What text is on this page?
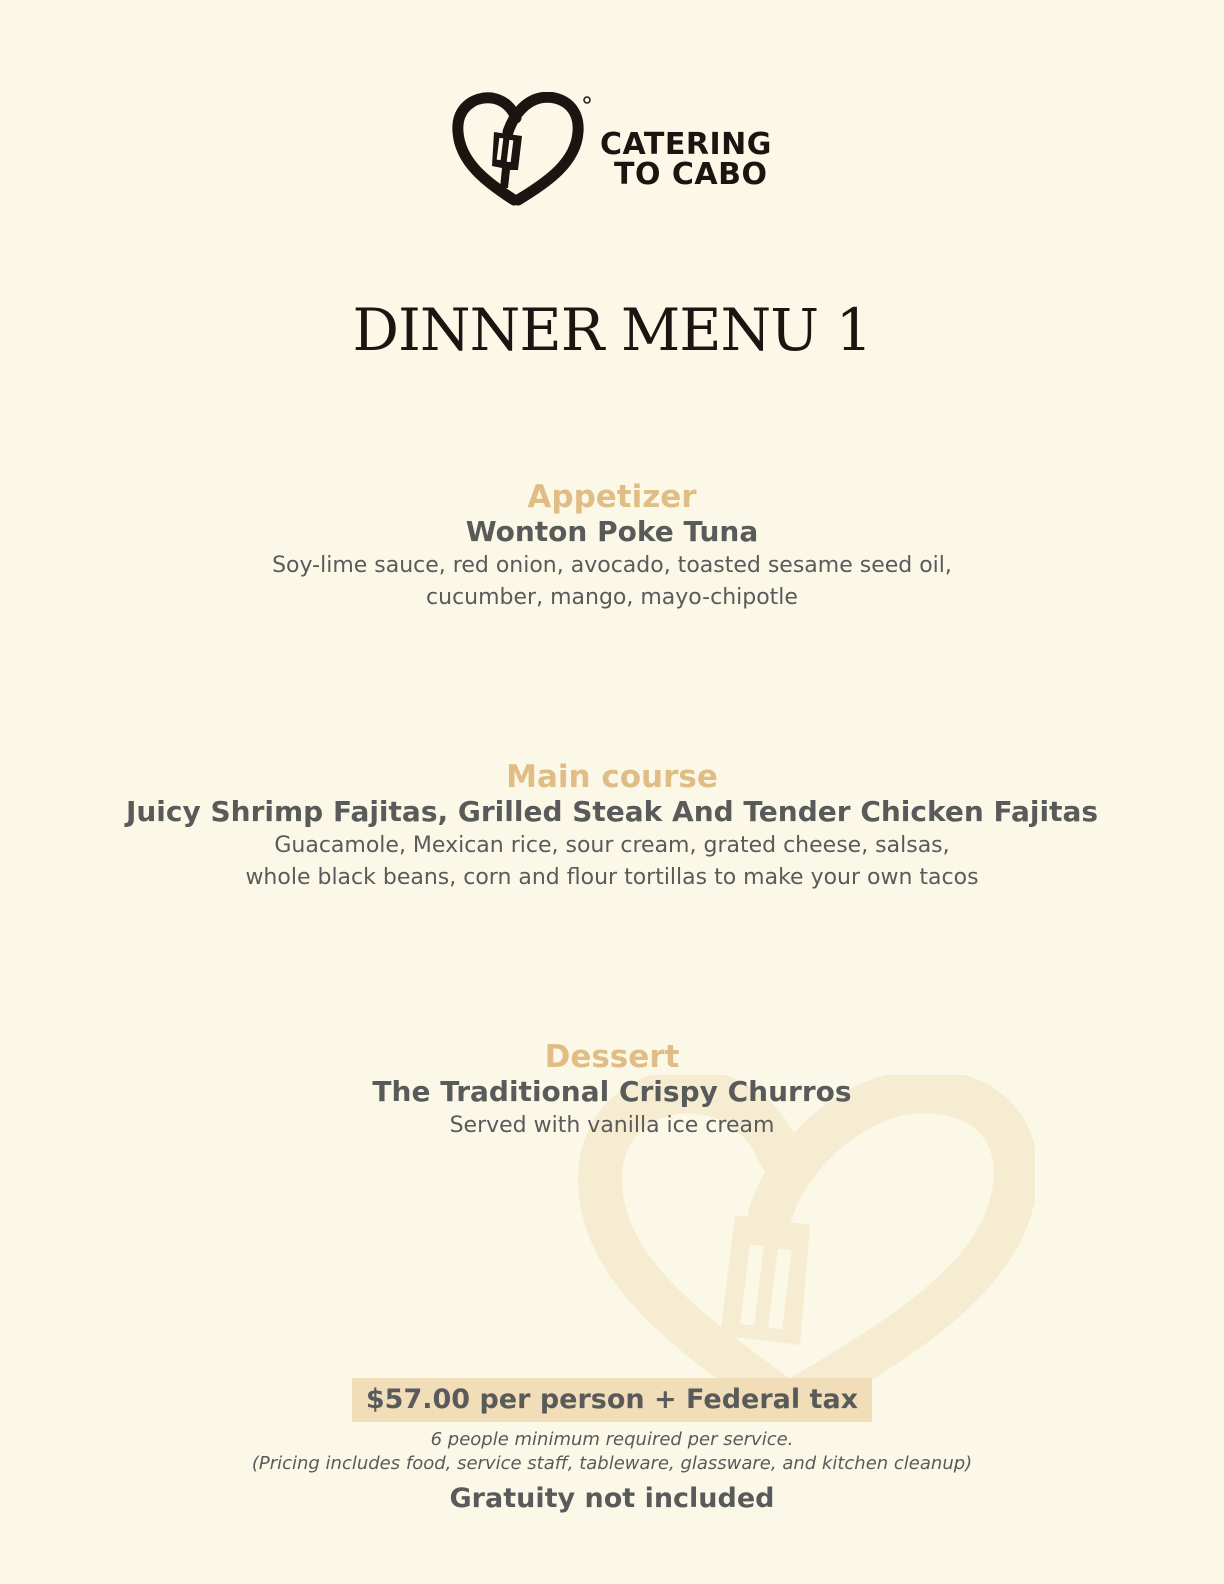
CATERING
TO CABO
DINNER MENU 1
Appetizer
Wonton Poke Tuna
Soy-lime sauce, red onion, avocado, toasted sesame seed oil,
cucumber, mango, mayo-chipotle
Main course
Juicy Shrimp Fajitas, Grilled Steak And Tender Chicken Fajitas
Guacamole, Mexican rice, sour cream, grated cheese, salsas,
whole black beans, corn and flour tortillas to make your own tacos
Dessert
The Traditional Crispy Churros
Served with vanilla ice cream
$57.00 per person + Federal tax
6 people minimum required per service.
(Pricing includes food, service staff, tableware, glassware, and kitchen cleanup)
Gratuity not included
